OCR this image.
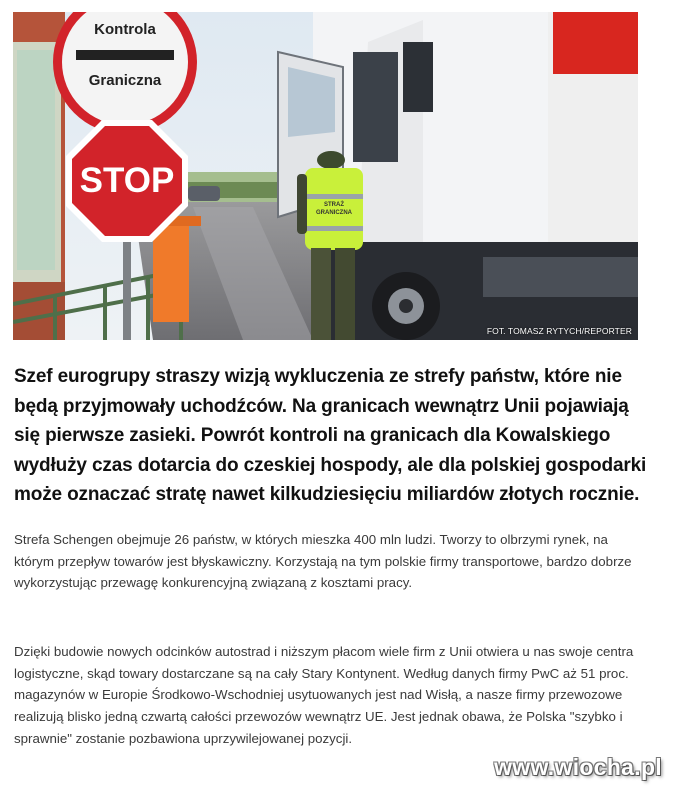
Kontrola
Graniczna
STOP
STRAŻ
GRANICZNA
FOT. TOMASZ RYTYCH/REPORTER

Szef eurogrupy straszy wizją wykluczenia ze strefy państw, które nie będą przyjmowały uchodźców. Na granicach wewnątrz Unii pojawiają się pierwsze zasieki. Powrót kontroli na granicach dla Kowalskiego wydłuży czas dotarcia do czeskiej hospody, ale dla polskiej gospodarki może oznaczać stratę nawet kilkudziesięciu miliardów złotych rocznie.

Strefa Schengen obejmuje 26 państw, w których mieszka 400 mln ludzi. Tworzy to olbrzymi rynek, na którym przepływ towarów jest błyskawiczny. Korzystają na tym polskie firmy transportowe, bardzo dobrze wykorzystując przewagę konkurencyjną związaną z kosztami pracy.

Dzięki budowie nowych odcinków autostrad i niższym płacom wiele firm z Unii otwiera u nas swoje centra logistyczne, skąd towary dostarczane są na cały Stary Kontynent. Według danych firmy PwC aż 51 proc. magazynów w Europie Środkowo-Wschodniej usytuowanych jest nad Wisłą, a nasze firmy przewozowe realizują blisko jedną czwartą całości przewozów wewnątrz UE. Jest jednak obawa, że Polska "szybko i sprawnie" zostanie pozbawiona uprzywilejowanej pozycji.

www.wiocha.pl
